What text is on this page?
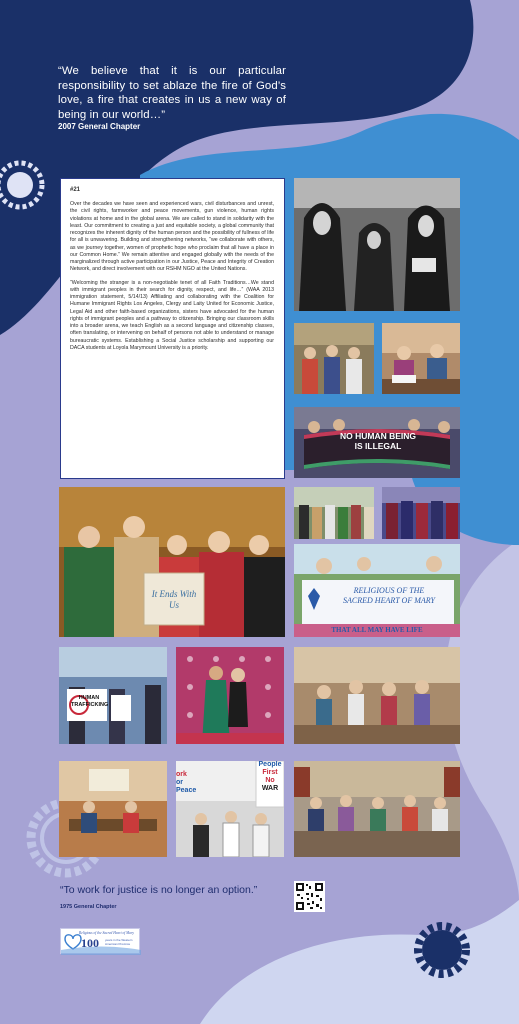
“We believe that it is our particular responsibility to set ablaze the fire of God’s love, a fire that creates in us a new way of being in our world…”
2007 General Chapter
#21

Over the decades we have seen and experienced wars, civil disturbances and unrest, the civil rights, farmworker and peace movements, gun violence, human rights violations at home and in the global arena. We are called to stand in solidarity with the least. Our commitment to creating a just and equitable society, a global community that recognizes the inherent dignity of the human person and the possibility of fullness of life for all is unwavering. Building and strengthening networks, “we collaborate with others, as we journey together, women of prophetic hope who proclaim that all have a place in our Common Home.” We remain attentive and engaged globally with the needs of the marginalized through active participation in our Justice, Peace and Integrity of Creation Network, and direct involvement with our RSHM NGO at the United Nations.

“Welcoming the stranger is a non-negotiable tenet of all Faith Traditions…We stand with immigrant peoples in their search for dignity, respect, and life…” (WAA 2013 immigration statement, 5/14/13) Affiliating and collaborating with the Coalition for Humane Immigrant Rights Los Angeles, Clergy and Laity United for Economic Justice, Legal Aid and other faith-based organizations, sisters have advocated for the human rights of immigrant peoples and a pathway to citizenship. Bringing our classroom skills into a broader arena, we teach English as a second language and citizenship classes, often translating, or intervening on behalf of persons not able to understand or manage bureaucratic systems. Establishing a Social Justice scholarship and supporting our DACA students at Loyola Marymount University is a priority.

NO HUMAN BEING
IS ILLEGAL
It Ends With Us
RELIGIOUS OF THE
SACRED HEART OF MARY
THAT ALL MAY HAVE LIFE
HUMAN TRAFFICKING
People
First
No
WAR
ork
or
Peace
“To work for justice is no longer an option.”
1975 General Chapter
Religious of the Sacred Heart of Mary
100 years in the Western American Province
